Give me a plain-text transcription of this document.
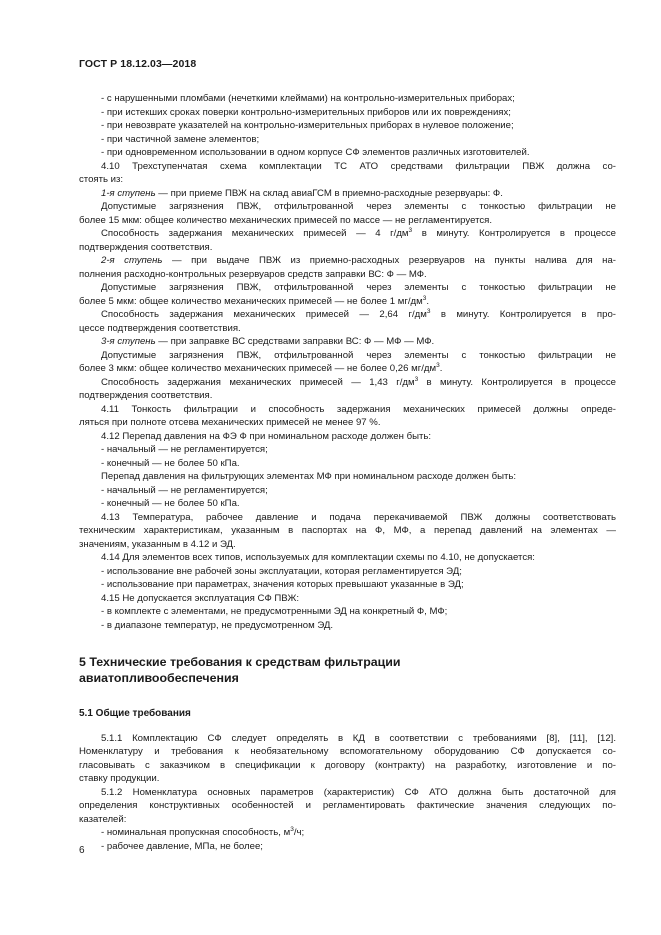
ГОСТ Р 18.12.03—2018
- с нарушенными пломбами (нечеткими клеймами) на контрольно-измерительных приборах;
- при истекших сроках поверки контрольно-измерительных приборов или их повреждениях;
- при невозврате указателей на контрольно-измерительных приборах в нулевое положение;
- при частичной замене элементов;
- при одновременном использовании в одном корпусе СФ элементов различных изготовителей.
4.10 Трехступенчатая схема комплектации ТС АТО средствами фильтрации ПВЖ должна со-
стоять из:
1-я ступень — при приеме ПВЖ на склад авиаГСМ в приемно-расходные резервуары: Ф.
Допустимые загрязнения ПВЖ, отфильтрованной через элементы с тонкостью фильтрации не
более 15 мкм: общее количество механических примесей по массе — не регламентируется.
Способность задержания механических примесей — 4 $г/дм^3$ в минуту. Контролируется в процессе
подтверждения соответствия.
2-я ступень — при выдаче ПВЖ из приемно-расходных резервуаров на пункты налива для на-
полнения расходно-контрольных резервуаров средств заправки ВС: Ф — МФ.
Допустимые загрязнения ПВЖ, отфильтрованной через элементы с тонкостью фильтрации не
более 5 мкм: общее количество механических примесей — не более 1 $мг/дм^3$.
Способность задержания механических примесей — 2,64 $г/дм^3$ в минуту. Контролируется в про-
цессе подтверждения соответствия.
3-я ступень — при заправке ВС средствами заправки ВС: Ф — МФ — МФ.
Допустимые загрязнения ПВЖ, отфильтрованной через элементы с тонкостью фильтрации не
более 3 мкм: общее количество механических примесей — не более 0,26 $мг/дм^3$.
Способность задержания механических примесей — 1,43 $г/дм^3$ в минуту. Контролируется в процессе
подтверждения соответствия.
4.11 Тонкость фильтрации и способность задержания механических примесей должны опреде-
ляться при полноте отсева механических примесей не менее 97 %.
4.12 Перепад давления на ФЭ Ф при номинальном расходе должен быть:
- начальный — не регламентируется;
- конечный — не более 50 кПа.
Перепад давления на фильтрующих элементах МФ при номинальном расходе должен быть:
- начальный — не регламентируется;
- конечный — не более 50 кПа.
4.13 Температура, рабочее давление и подача перекачиваемой ПВЖ должны соответствовать
техническим характеристикам, указанным в паспортах на Ф, МФ, а перепад давлений на элементах —
значениям, указанным в 4.12 и ЭД.
4.14 Для элементов всех типов, используемых для комплектации схемы по 4.10, не допускается:
- использование вне рабочей зоны эксплуатации, которая регламентируется ЭД;
- использование при параметрах, значения которых превышают указанные в ЭД;
4.15 Не допускается эксплуатация СФ ПВЖ:
- в комплекте с элементами, не предусмотренными ЭД на конкретный Ф, МФ;
- в диапазоне температур, не предусмотренном ЭД.
5 Технические требования к средствам фильтрации
авиатопливообеспечения
5.1 Общие требования
5.1.1 Комплектацию СФ следует определять в КД в соответствии с требованиями [8], [11], [12].
Номенклатуру и требования к необязательному вспомогательному оборудованию СФ допускается со-
гласовывать с заказчиком в спецификации к договору (контракту) на разработку, изготовление и по-
ставку продукции.
5.1.2 Номенклатура основных параметров (характеристик) СФ АТО должна быть достаточной для
определения конструктивных особенностей и регламентировать фактические значения следующих по-
казателей:
- номинальная пропускная способность, $м^3/ч$;
- рабочее давление, МПа, не более;
6
